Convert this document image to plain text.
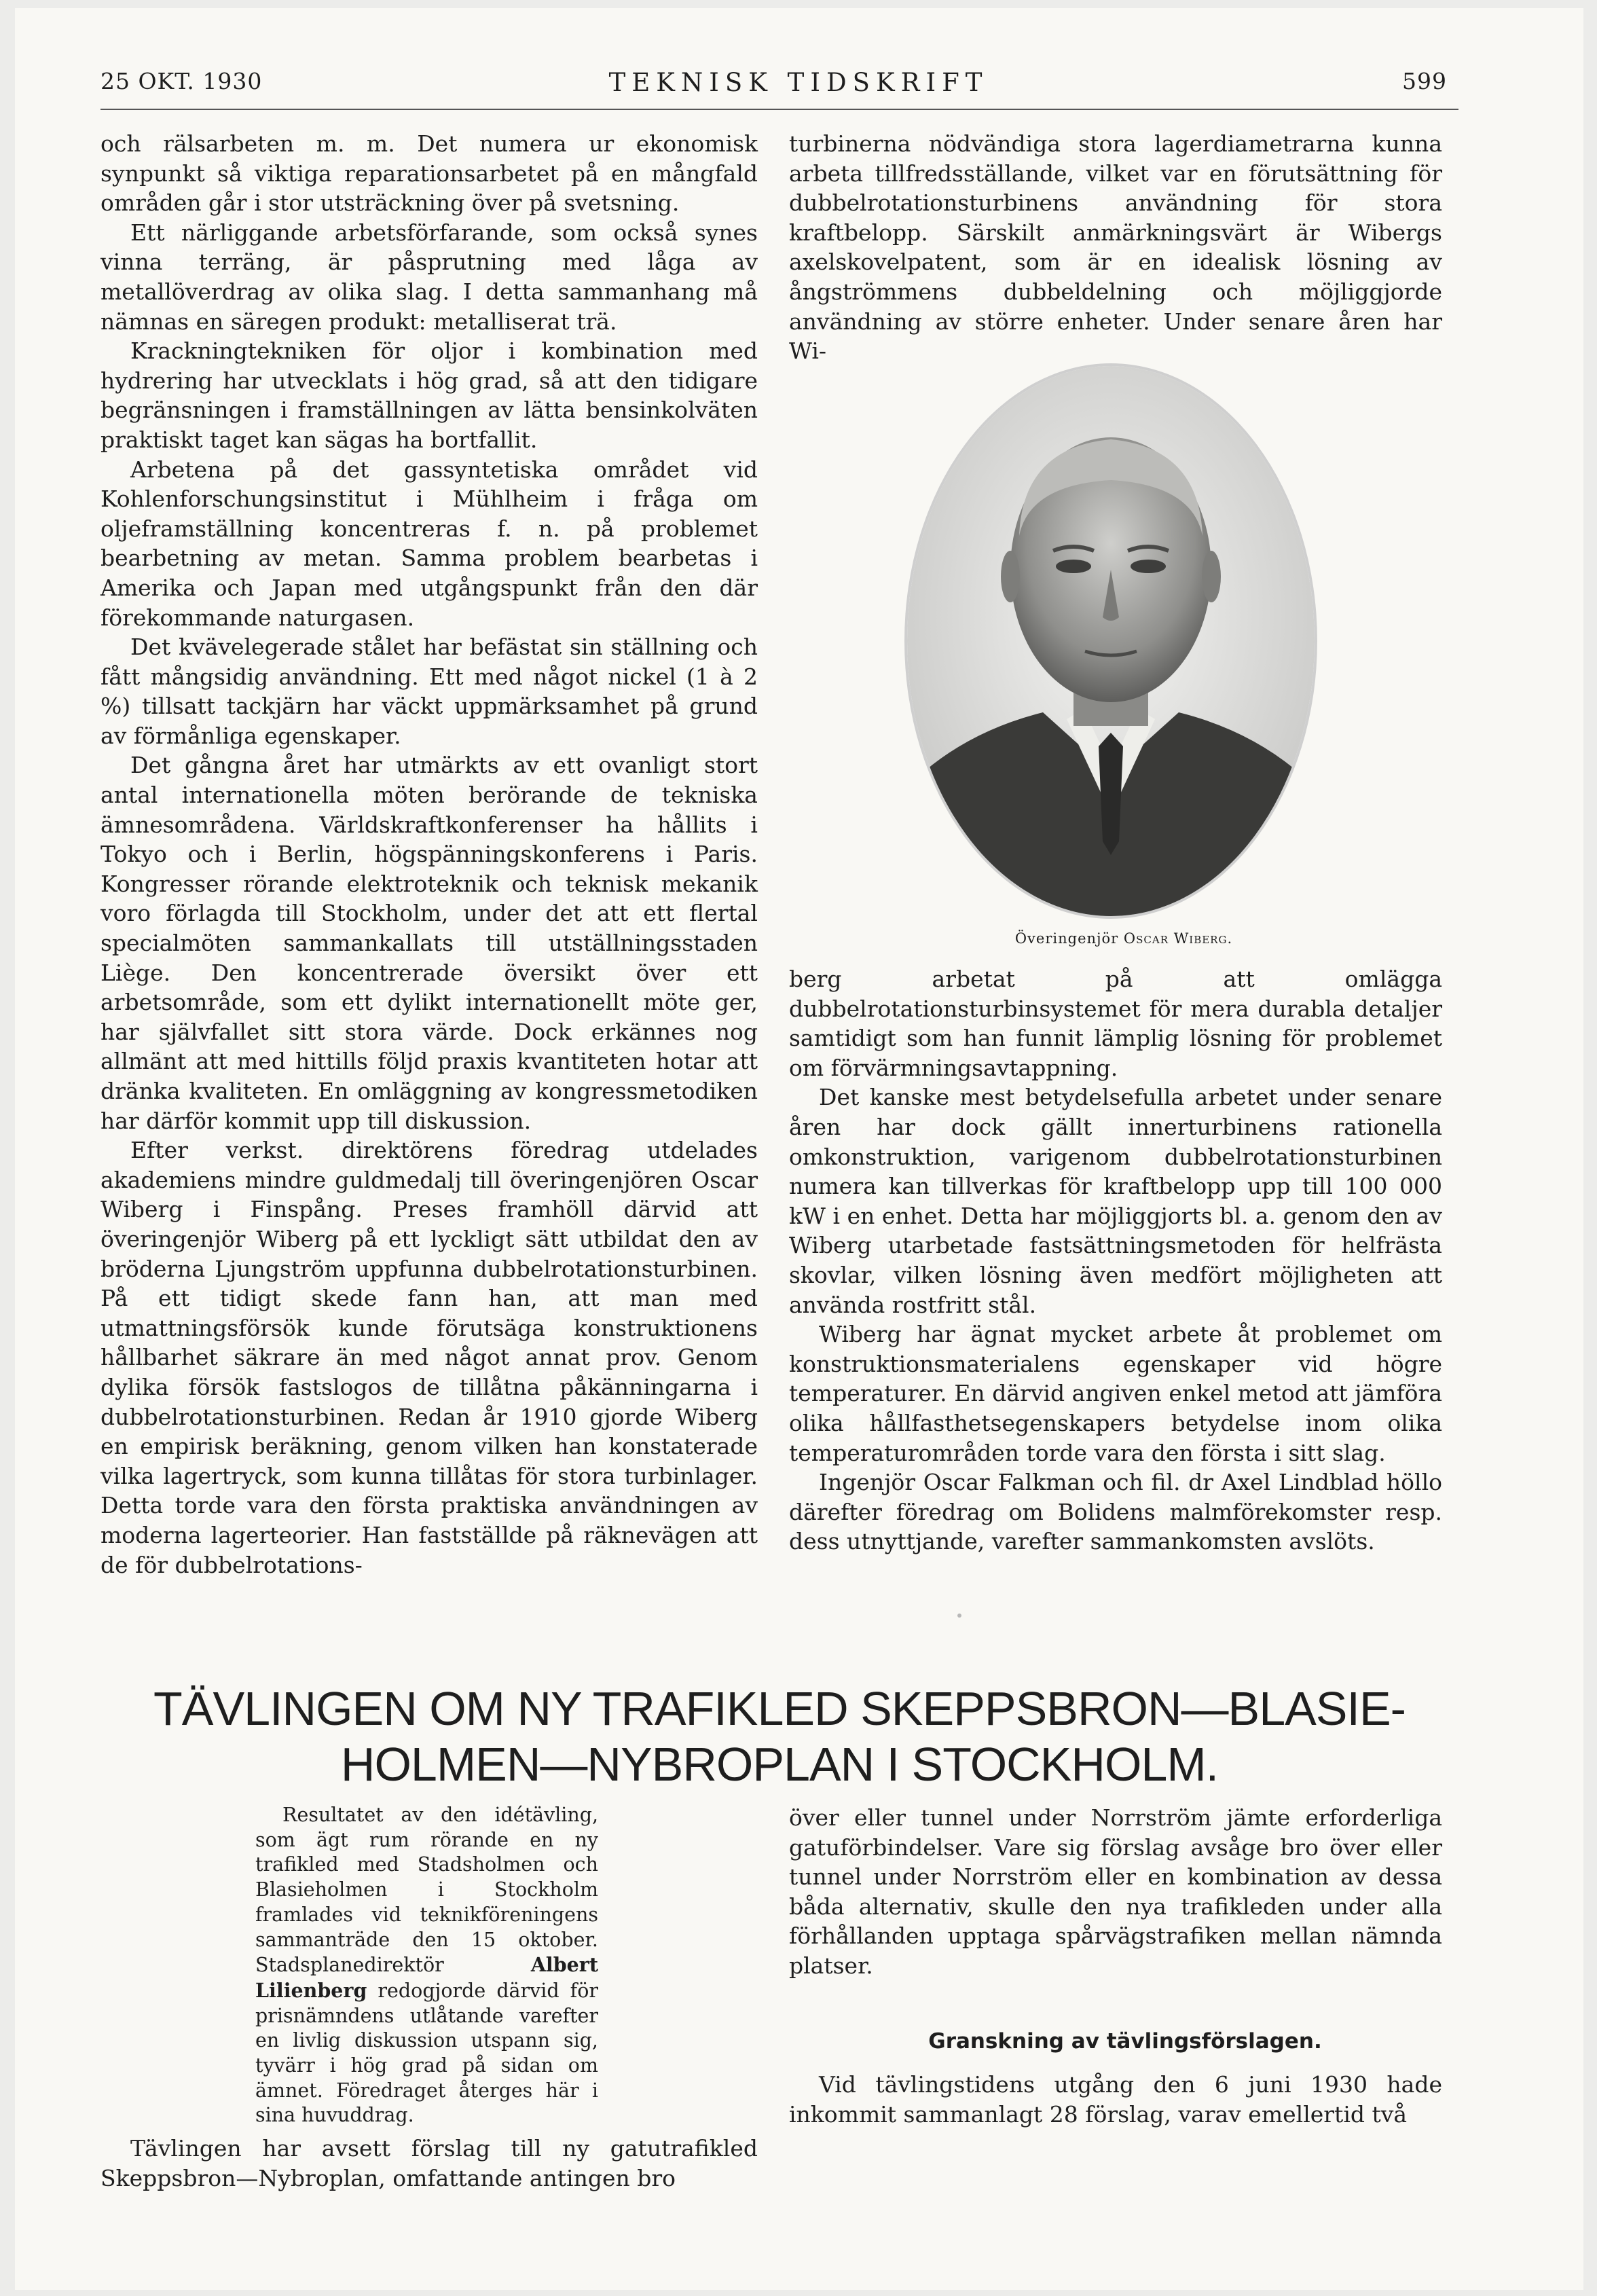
25 OKT. 1930	TEKNISK TIDSKRIFT	599

och rälsarbeten m. m. Det numera ur ekonomisk synpunkt så viktiga reparationsarbetet på en mångfald områden går i stor utsträckning över på svetsning.

Ett närliggande arbetsförfarande, som också synes vinna terräng, är påsprutning med låga av metallöverdrag av olika slag. I detta sammanhang må nämnas en säregen produkt: metalliserat trä.

Krackningtekniken för oljor i kombination med hydrering har utvecklats i hög grad, så att den tidigare begränsningen i framställningen av lätta bensinkolväten praktiskt taget kan sägas ha bortfallit.

Arbetena på det gassyntetiska området vid Kohlenforschungsinstitut i Mühlheim i fråga om oljeframställning koncentreras f. n. på problemet bearbetning av metan. Samma problem bearbetas i Amerika och Japan med utgångspunkt från den där förekommande naturgasen.

Det kvävelegerade stålet har befästat sin ställning och fått mångsidig användning. Ett med något nickel (1 à 2 %) tillsatt tackjärn har väckt uppmärksamhet på grund av förmånliga egenskaper.

Det gångna året har utmärkts av ett ovanligt stort antal internationella möten berörande de tekniska ämnesområdena. Världskraftkonferenser ha hållits i Tokyo och i Berlin, högspänningskonferens i Paris. Kongresser rörande elektroteknik och teknisk mekanik voro förlagda till Stockholm, under det att ett flertal specialmöten sammankallats till utställningsstaden Liège. Den koncentrerade översikt över ett arbetsområde, som ett dylikt internationellt möte ger, har självfallet sitt stora värde. Dock erkännes nog allmänt att med hittills följd praxis kvantiteten hotar att dränka kvaliteten. En omläggning av kongressmetodiken har därför kommit upp till diskussion.

Efter verkst. direktörens föredrag utdelades akademiens mindre guldmedalj till överingenjören Oscar Wiberg i Finspång. Preses framhöll därvid att överingenjör Wiberg på ett lyckligt sätt utbildat den av bröderna Ljungström uppfunna dubbelrotationsturbinen. På ett tidigt skede fann han, att man med utmattningsförsök kunde förutsäga konstruktionens hållbarhet säkrare än med något annat prov. Genom dylika försök fastslogos de tillåtna påkänningarna i dubbelrotationsturbinen. Redan år 1910 gjorde Wiberg en empirisk beräkning, genom vilken han konstaterade vilka lagertryck, som kunna tillåtas för stora turbinlager. Detta torde vara den första praktiska användningen av moderna lagerteorier. Han fastställde på räknevägen att de för dubbelrotations-

turbinerna nödvändiga stora lagerdiametrarna kunna arbeta tillfredsställande, vilket var en förutsättning för dubbelrotationsturbinens användning för stora kraftbelopp. Särskilt anmärkningsvärt är Wibergs axelskovelpatent, som är en idealisk lösning av ångströmmens dubbeldelning och möjliggjorde användning av större enheter. Under senare åren har Wi-

Överingenjör Oscar Wiberg.

berg arbetat på att omlägga dubbelrotationsturbinsystemet för mera durabla detaljer samtidigt som han funnit lämplig lösning för problemet om förvärmningsavtappning.

Det kanske mest betydelsefulla arbetet under senare åren har dock gällt innerturbinens rationella omkonstruktion, varigenom dubbelrotationsturbinen numera kan tillverkas för kraftbelopp upp till 100 000 kW i en enhet. Detta har möjliggjorts bl. a. genom den av Wiberg utarbetade fastsättningsmetoden för helfrästa skovlar, vilken lösning även medfört möjligheten att använda rostfritt stål.

Wiberg har ägnat mycket arbete åt problemet om konstruktionsmaterialens egenskaper vid högre temperaturer. En därvid angiven enkel metod att jämföra olika hållfasthetsegenskapers betydelse inom olika temperaturområden torde vara den första i sitt slag.

Ingenjör Oscar Falkman och fil. dr Axel Lindblad höllo därefter föredrag om Bolidens malmförekomster resp. dess utnyttjande, varefter sammankomsten avslöts.

TÄVLINGEN OM NY TRAFIKLED SKEPPSBRON—BLASIE-
HOLMEN—NYBROPLAN I STOCKHOLM.
Resultatet av den idétävling, som ägt rum rörande en ny trafikled med Stadsholmen och Blasieholmen i Stockholm framlades vid teknikföreningens sammanträde den 15 oktober. Stadsplanedirektör	Albert Lilienberg redogjorde därvid för prisnämndens utlåtande varefter en livlig diskussion utspann sig, tyvärr i hög grad på sidan om ämnet. Föredraget återges här i sina huvuddrag.

Tävlingen har avsett förslag till ny gatutrafikled Skeppsbron—Nybroplan, omfattande antingen bro

över eller tunnel under Norrström jämte erforderliga gatuförbindelser. Vare sig förslag avsåge bro över eller tunnel under Norrström eller en kombination av dessa båda alternativ, skulle den nya trafikleden under alla förhållanden upptaga spårvägstrafiken mellan nämnda platser.

Granskning av tävlingsförslagen.

Vid tävlingstidens utgång den 6 juni 1930 hade inkommit sammanlagt 28 förslag, varav emellertid två
